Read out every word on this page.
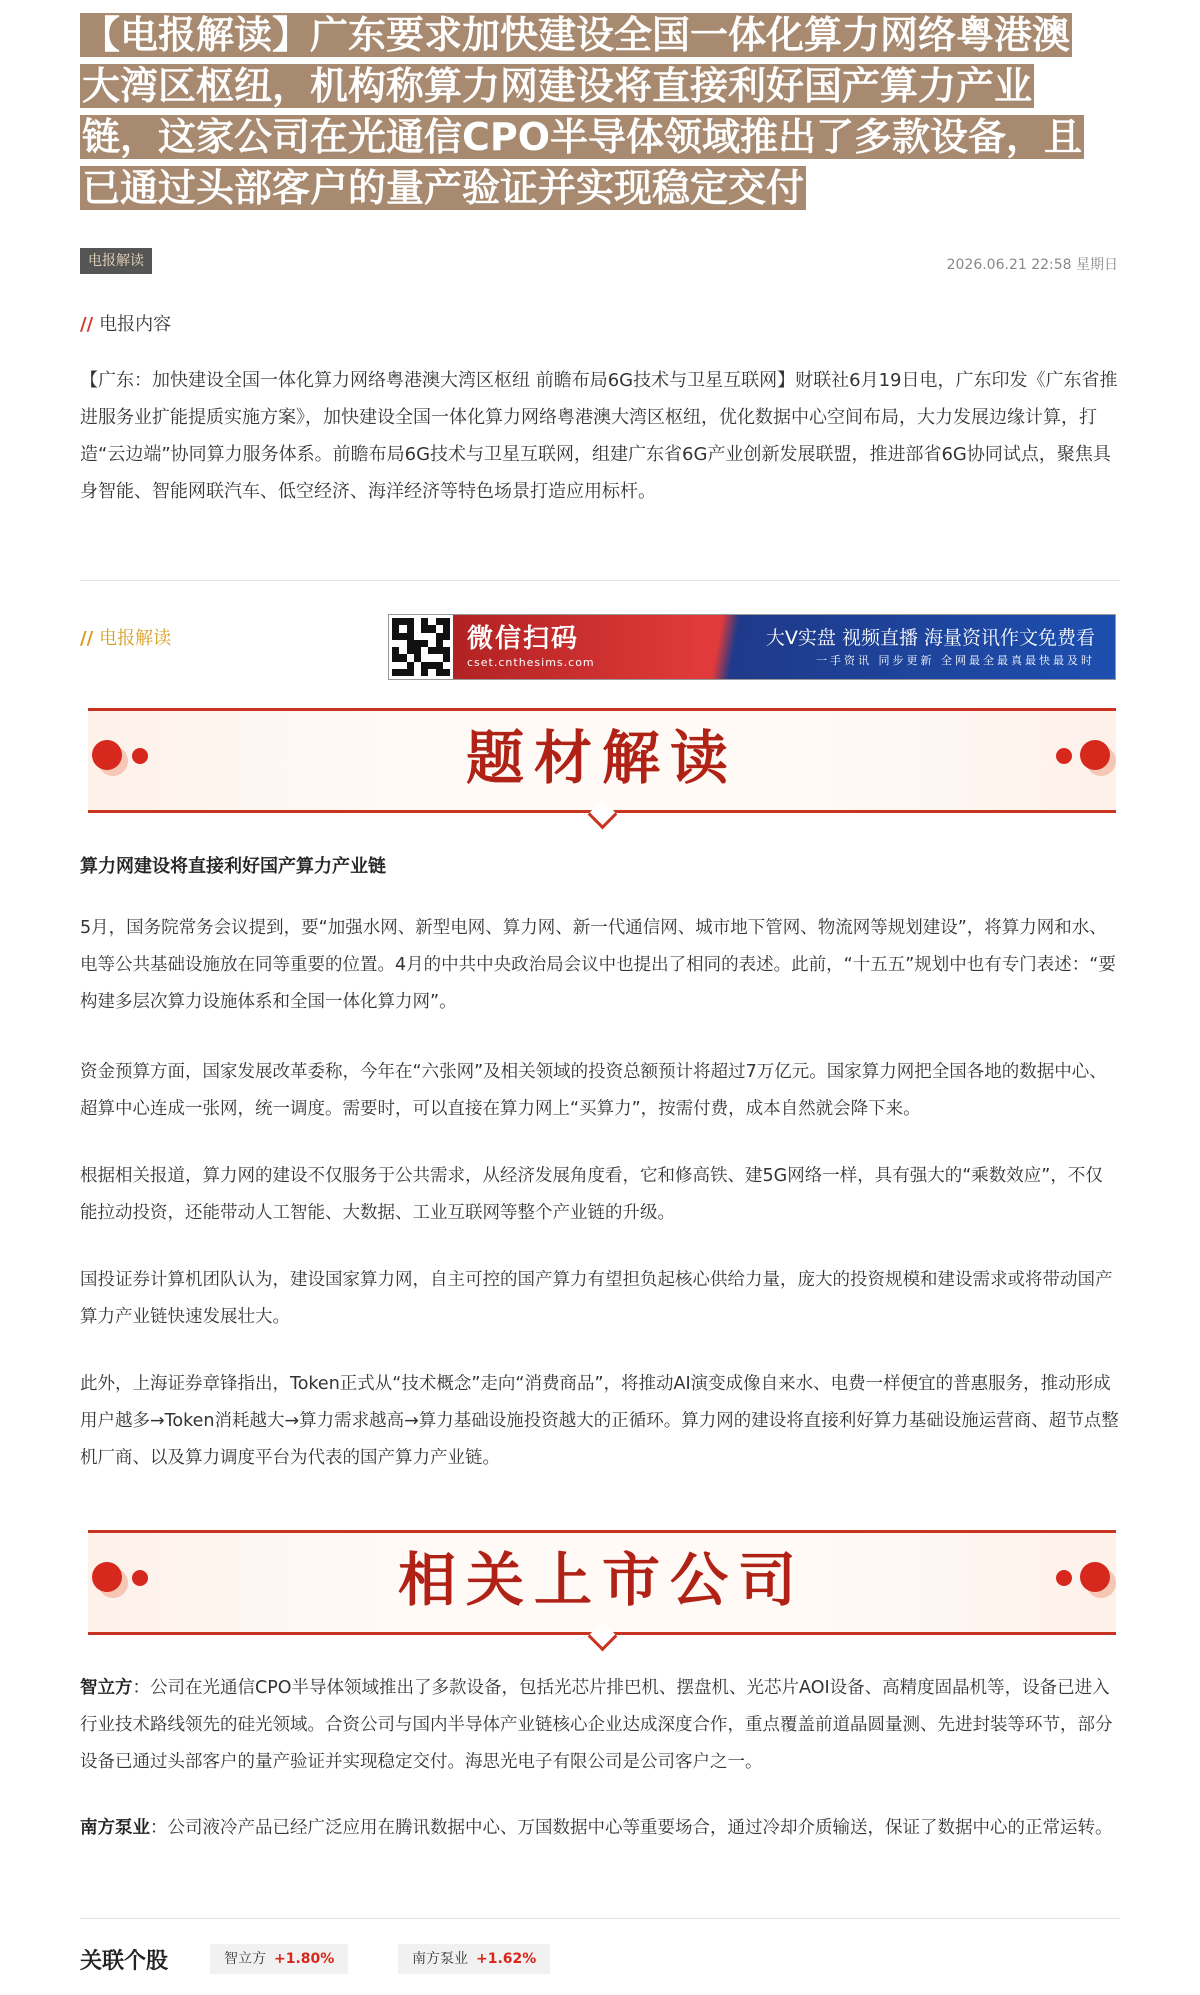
【电报解读】广东要求加快建设全国一体化算力网络粤港澳
大湾区枢纽，机构称算力网建设将直接利好国产算力产业
链，这家公司在光通信CPO半导体领域推出了多款设备，且
已通过头部客户的量产验证并实现稳定交付
电报解读	2026.06.21 22:58 星期日
// 电报内容

【广东：加快建设全国一体化算力网络粤港澳大湾区枢纽 前瞻布局6G技术与卫星互联网】财联社6月19日电，广东印发《广东省推进服务业扩能提质实施方案》，加快建设全国一体化算力网络粤港澳大湾区枢纽，优化数据中心空间布局，大力发展边缘计算，打造“云边端”协同算力服务体系。前瞻布局6G技术与卫星互联网，组建广东省6G产业创新发展联盟，推进部省6G协同试点，聚焦具身智能、智能网联汽车、低空经济、海洋经济等特色场景打造应用标杆。

// 电报解读	微信扫码
cset.cnthesims.com
大V实盘 视频直播 海量资讯作文免费看
一手资讯 同步更新 全网最全最真最快最及时
题材解读
算力网建设将直接利好国产算力产业链

5月，国务院常务会议提到，要“加强水网、新型电网、算力网、新一代通信网、城市地下管网、物流网等规划建设”，将算力网和水、电等公共基础设施放在同等重要的位置。4月的中共中央政治局会议中也提出了相同的表述。此前，“十五五”规划中也有专门表述：“要构建多层次算力设施体系和全国一体化算力网”。

资金预算方面，国家发展改革委称，今年在“六张网”及相关领域的投资总额预计将超过7万亿元。国家算力网把全国各地的数据中心、超算中心连成一张网，统一调度。需要时，可以直接在算力网上“买算力”，按需付费，成本自然就会降下来。

根据相关报道，算力网的建设不仅服务于公共需求，从经济发展角度看，它和修高铁、建5G网络一样，具有强大的“乘数效应”，不仅能拉动投资，还能带动人工智能、大数据、工业互联网等整个产业链的升级。

国投证券计算机团队认为，建设国家算力网，自主可控的国产算力有望担负起核心供给力量，庞大的投资规模和建设需求或将带动国产算力产业链快速发展壮大。

此外，上海证券章锋指出，Token正式从“技术概念”走向“消费商品”，将推动AI演变成像自来水、电费一样便宜的普惠服务，推动形成用户越多→Token消耗越大→算力需求越高→算力基础设施投资越大的正循环。算力网的建设将直接利好算力基础设施运营商、超节点整机厂商、以及算力调度平台为代表的国产算力产业链。

相关上市公司

智立方：公司在光通信CPO半导体领域推出了多款设备，包括光芯片排巴机、摆盘机、光芯片AOI设备、高精度固晶机等，设备已进入行业技术路线领先的硅光领域。合资公司与国内半导体产业链核心企业达成深度合作，重点覆盖前道晶圆量测、先进封装等环节，部分设备已通过头部客户的量产验证并实现稳定交付。海思光电子有限公司是公司客户之一。

南方泵业：公司液冷产品已经广泛应用在腾讯数据中心、万国数据中心等重要场合，通过冷却介质输送，保证了数据中心的正常运转。

关联个股	智立方 +1.80%	南方泵业 +1.62%
